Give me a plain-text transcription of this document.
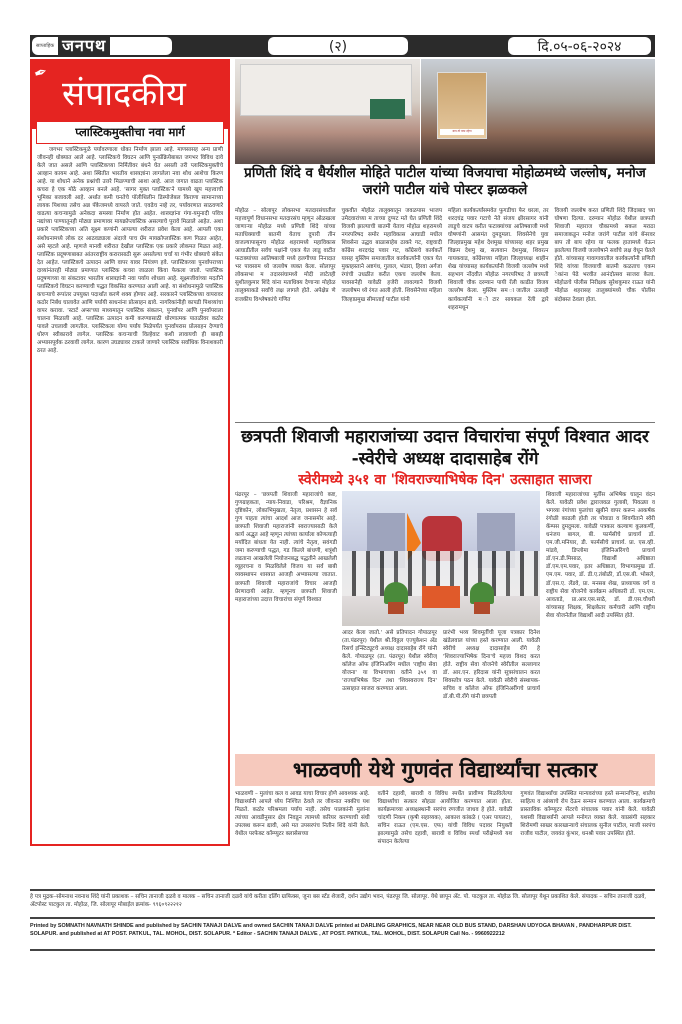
साप्ताहिक जनपथ	(२)	दि.०५-०६-२०२४
✒
संपादकीय
प्लास्टिकमुक्तीचा नवा मार्ग
जगभर प्लास्टिकमुळे पर्यावरणाला धोका निर्माण झाला आहे. माणसासह अन्य प्राणी जीवनही धोक्यात आले आहे. प्लास्टिकचे विघटन आणि पुनर्प्रक्रियेबाबत जगभर विविध दावे केले जात असले आणि प्लास्टिकच्या निर्मितीवर बंधने घेत असली तरी प्लास्टिकमुक्तीचे आव्हान कायम आहे. अशा स्थितीत भारतीय शास्त्रज्ञांना लागलेला नवा शोध आशेचा किरण आहे. या शोधाने अनेक प्रश्नांची उत्तरे मिळण्याची आशा आहे. आज जगात वाढता प्लास्टिक कचरा हे एक मोठे आव्हान बनले आहे. 'सागर मुक्त प्लास्टिक'ने यामध्ये खूप महत्त्वाची भूमिका बजावली आहे. अर्थात कमी घनतेचे पॉलीथिलीन डिस्पोजेबल किराणा सामानाच्या लायक पिशव्या तसेच अन्न पॅकेजमध्ये वापरले जाते. एवढेच नव्हे तर, पर्यावरणात साठवणारे वाढत्या कचऱ्यामुळे अनेकदा समस्या निर्माण होत आहेत. शास्त्रज्ञांना गंगा-यमुनादी पवित्र नद्यांच्या पाण्यातूनही मोठ्या प्रमाणावर मायक्रोप्लास्टिक असल्याचे पुरावे मिळाले आहेत. अशा प्रकारे प्लास्टिकच्या अति सूक्ष्म कणांनी आपल्या शरीरात प्रवेश केला आहे. आपली एका संशोधनामध्ये लोक दर आठवड्याला अंदाजे पाच ग्रॅम मायक्रोप्लास्टिक कण गिळत आहेत, असे म्हटले आहे. म्हणजे मानवी शरीरात देखील प्लास्टिक एक प्रकारे लोकमत मिळत आहे. प्लास्टिक प्रदूषणाबाबत आंतरराष्ट्रीय करारासाठी सुरू असलेल्या चर्चा या गंभीर धोक्याचे संकेत देत आहेत. प्लास्टिकचे उत्पादन आणि वापर यावर नियंत्रण हवे. प्लास्टिकच्या पुनर्वापराच्या दाव्यांनंतरही मोठ्या प्रमाणात प्लास्टिक कचरा जाळला किंवा फेकला जातो. प्लास्टिक प्रदूषणाच्या या संकटावर भारतीय शास्त्रज्ञांनी नवा पर्याय शोधला आहे. सूक्ष्मजीवांच्या मदतीने प्लास्टिकचे विघटन करण्याची पद्धत विकसित करण्यात आली आहे. या संशोधनामुळे प्लास्टिक कचऱ्याचे रूपांतर उपयुक्त पदार्थांत करणे शक्य होणार आहे. सरकारने प्लास्टिकच्या वापरावर कठोर निर्बंध घालावेत आणि पर्यायी साधनांना प्रोत्साहन द्यावे. नागरिकांनीही कापडी पिशव्यांचा वापर करावा. 'स्टार्ट अप्स'च्या माध्यमातून प्लास्टिक संकलन, पुनर्वापर आणि पुनर्वापराला चालना मिळाली आहे. प्लास्टिक उत्पादन कमी करण्यासाठी धोरणात्मक पातळीवर कठोर पावले उचलावी लागतील. प्लास्टिकला योग्य पर्याय मिळेपर्यंत पुनर्वापरास प्रोत्साहन देण्याचे धोरण स्वीकारावे लागेल. प्लास्टिक कचऱ्याची विल्हेवाट कशी लावायची ही बाबही अभ्यासपूर्वक ठरवावी लागेल. कारण उघड्यावर टाकले जाणारे प्लास्टिक सर्वाधिक विनाशकारी ठरत आहे.
बाप तो बाप रहेगा
प्रणिती शिंदे व धैर्यशील मोहिते पाटील यांच्या विजयाचा मोहोळमध्ये जल्लोष, मनोज जरांगे पाटील यांचे पोस्टर झळकले
मोहोळ – सोलापूर लोकसभा मतदारसंघातील महत्त्वपूर्ण विधानसभा मतदारसंघ म्हणून ओळखला जाणाऱ्या मोहोळ मध्ये प्रणिती शिंदे यांच्या मताधिक्याची बातमी येताच दुपारी तीन वाजल्यापासूनच मोहोळ शहरामध्ये महाविकास आघाडीतील सर्वच पक्षांनी एकत्र येत लाडू वाटीत फटाक्यांच्या आतिषबाजी मध्ये हलगीच्या निनादात भर पावसाम ध्ये जल्लोष व्यक्त केला. सोलापूर लोकसभा म तदारसंघामध्ये मोदी लाटेतही सुशीलकुमार शिंदे यांना मताधिक्य देणाऱ्या मोहोळ तालुक्याकडे सर्वांचे लक्ष लागले होते. अपेक्षेप्र णे राजकीय विश्लेषकांचे गणित
चुकवीत मोहोळ तालुक्यातून जवळपास भाजप उमेदवारांच्या म ताच्या दुप्पट मते घेत प्रणिती शिंदे विजयी झाल्याची बातमी येताच मोहोळ शहरामध्ये नगरपरिषद समोर महाविकास आघाडी मधील शिवसेना उद्धव बाळासाहेब ठाकरे गट, राष्ट्रवादी काँग्रेस शरदचंद्र पवार गट, काँग्रेसचे कार्यकर्ते यासह मुस्लिम समाजातील कार्यकर्त्यांनी एकत्र येत मुक्तहस्ताने अष्टगंध, गुलाल, भंडारा, हिरवा अर्गजा रंगांची उधळीत करीत एकच जल्लोष केला. पावसानेही यावेळी हजेरी लावल्याने विजयी जल्लोषम ध्ये रंगत आली होती. शिवसेनेच्या महिला जिल्हाप्रमुख सीमाताई पाटील यांनी
महिला कार्यकर्त्यांसमवेत फुगडीचा फेर धरला, तर शरदचंद्र पवार गटाचे नेते संजय क्षीरसागर यांनी लाडूचे वाटप करीत फटाक्यांच्या आतिषबाजी मध्ये घोषणांनी आसमंत दुमदुमला. शिवसेनेचे युवा जिल्हाप्रमुख महेश देशमुख यांच्यासह शहर प्रमुख विक्रम देशमु ख, सत्यवान देशमुख, शिवरत्न गायकवाड, काँग्रेसच्या महिला जिल्हाध्यक्ष शाहीन शेख यांच्यासह कार्यकर्त्यांनी विजयी जल्लोष मध्ये सहभाग नोंदवीत मोहोळ नगरपरिषद ते छत्रपती शिवाजी चौक दरम्यान पायी रॅली काढीत विजय जल्लोष केला. मुस्लिम सम ाजातील उत्साही कार्यकर्त्यांनी म ोटार सायकल रॅली द्वारे शहरामधून
विजयी जल्लोष करत प्रणिती शिंदे जिंदाबाद च्या घोषणा दिल्या. दरम्यान मोहोळ येथील छत्रपती शिवाजी महाराज चौकामध्ये सकल मराठा समाजाकडून मनोज जरांगे पाटील यांचे बॅनरवर बाप तो बाप रहेगा या फलक हातामध्ये घेऊन झालेल्या विजयी जल्लोषाने सर्वांचे लक्ष वेधून घेतले होते. यांच्यासह गावागावातील कार्यकर्त्यांनी प्रणिती शिंदे यांच्या विजयाची बातमी कळताच एकम ेकांना पेढे भरवीत आनंदोत्सव साजरा केला. मोहोळचे पोलीस निरीक्षक सुरेशकुमार राऊत यांनी मोहोळ शहरासह तालुक्यांमध्ये चौक पोलीस बंदोबस्त ठेवला होता.
छत्रपती शिवाजी महाराजांच्या उदात्त विचारांचा संपूर्ण विश्वात आदर -स्वेरीचे अध्यक्ष दादासाहेब रोंगे
स्वेरीमध्ये ३५१ वा 'शिवराज्याभिषेक दिन' उत्साहात साजरा
पंढरपूर – 'छत्रपती शिवाजी महाराजांचे कष्ट, गुणग्राहकता, न्याय-निवाडा, परिश्रम, वैज्ञानिक दृष्टिकोन, लोकाभिमुखता, नेतृत्व, प्रशासन हे सर्व गुण पाहता त्यांचा आदर्श आज जनासमोर आहे. छत्रपती शिवाजी महाराजांनी स्वराज्यासाठी केले कार्य अद्भुत आहे म्हणून त्यांच्या कार्याला कोणत्याही मर्यादित बांधता येत नाही. त्यांचे नेतृत्व, सवंगडी जमा करण्याची पद्धत, गड किल्ले बांधणी, शत्रूंशी लढताना आखलेली नियोजनबद्ध पद्धतीने आखलेली व्यूहरचना व मिळविलेले विजय या सर्व बाबी व्यवस्थापन शास्त्रात आजही अभ्यासल्या जातात. छत्रपती शिवाजी महाराजांचे विचार आजही प्रेरणादायी आहेत. म्हणूनच छत्रपती शिवाजी महाराजांच्या उदात्त विचारांचा संपूर्ण विश्वात
आदर केला जातो.' असे प्रतिपादन गोपाळपूर (ता.पंढरपूर) येथील श्री.विठ्ठल एज्युकेशन अँड रिसर्च इन्स्टिट्यूटचे अध्यक्ष दादासाहेब रोंगे यांनी केले. गोपाळपूर (ता. पंढरपूर) येथील स्वेरीज् कॉलेज ऑफ इंजिनिअरिंग मधील 'राष्ट्रीय सेवा योजना' या विभागाच्या वतीने ३५१ वा 'राज्याभिषेक दिन' तथा 'शिवस्वराज्य दिन' उत्साहात साजरा करण्यात आला.
प्रारंभी भव्य शिवमूर्तीची पूजा पत्रकार दिनेश खंडेलवाल यांच्या हस्ते करण्यात आली. यावेळी स्वेरीचे अध्यक्ष दादासाहेब रोंगे हे 'शिवराज्याभिषेक दिना'चे महत्त्व विशद करत होते. राष्ट्रीय सेवा योजनेचे स्वेरीतील सल्लागार डॉ. आर.एन. हरिदास यांनी सूत्रसंचालन करत शिवस्तोत्र पठन केले. यावेळी स्वेरीचे संस्थापक- सचिव व कॉलेज ऑफ इंजिनिअरींगचे प्राचार्य डॉ.बी.पी.रोंगे यांनी छत्रपती
शिवाजी महाराजांच्या मूर्तीस अभिषेक घालून वंदन केले. यावेळी प्रवेश द्वाराजवळ गुलाबी, पिवळ्या व भगव्या रंगांच्या फुलांचा खुबीने वापर करून आकर्षक रंगोळी काढली होती तर पोवाडा व शिवगीताने स्वेरी कॅम्पस दुमदुमला. यावेळी पत्रकार कल्याण कुलकर्णी, धनंजय बागल, बी. फार्मसीचे प्राचार्य डॉ. एम.जी.मनियार, डी. फार्मसीचे प्राचार्य. प्रा. एस.व्ही. मांडवे, डिप्लोमा इंजिनिअरिंगचे प्राचार्य डॉ.एन.डी.मिसाळ, विद्यार्थी अधिष्ठाता डॉ.एम.एम.पवार, इतर अधिष्ठाता, विभागप्रमुख डॉ. एम.एम. पवार, डॉ. डी.ए.तंबोळी, डॉ.एस.बी. भोसले, डॉ.एस.ए. लेंडवे, प्रा. मनसब शेख, प्राध्यापक वर्ग व राष्ट्रीय सेवा योजनेचे कार्यक्रम अधिकारी डॉ. एम.एम. आवताडे, प्रा.आर.एस.साठे, डॉ. डी.एस.चौधरी यांच्यासह शिक्षक, शिक्षकेतर कर्मचारी आणि राष्ट्रीय सेवा योजनेतील विद्यार्थी आदी उपस्थित होते.
भाळवणी येथे गुणवंत विद्यार्थ्यांचा सत्कार
भाळवणी – मुलांचा कल व आवड याचा विचार होणे आवश्यक आहे. विद्यार्थ्यांनी आपले ध्येय निश्चित ठेवले तर जीवनात नक्कीच यश मिळते. कठोर परिश्रमला पर्याय नाही. तसेच पालकांनी मुलांना त्यांच्या आवडीनुसार क्षेत्र निवडून त्यामध्ये करियर करण्याची संधी उपलब्ध करून द्यावी, असे मत उपसरपंच नितीन शिंदे यांनी केले. येथील परफेक्ट कॉम्प्युटर क्लासेसच्या
वतीने दहावी, बारावी व विविध स्पर्धेत प्रावीण्य मिळविलेल्या विद्यार्थ्यांचा सत्कार सोहळा आयोजित करण्यात आला होता. कार्यक्रमाच्या अध्यक्षस्थानी सरपंच रणजीत जाधव हे होते. यावेळी चांदणी निकम (कृषी सहाय्यक), आकाश कांबळे ( एअर पायलट), सचिन राऊत (एम.एस. एफ) यांची विविध पदावर नियुक्ती झाल्यामुळे तसेच दहावी, बारावी व विविध स्पर्धा परीक्षेमध्ये यश संपादन केलेल्या
गुणवंत विद्यार्थ्यांचा उपस्थित मान्यवरांच्या हस्ते सन्मानचिन्ह, शालेय साहित्य व आंब्याचे रोप देऊन सन्मान करण्यात आला. कार्यक्रमाचे प्रास्ताविक कॉम्प्युटर सेंटरचे संचालक पवार यांनी केले. यावेळी यशस्वी विद्यार्थ्यांनी आपले मनोगत व्यक्त केले. याप्रसंगी सहकार शिरोमणी साखर कारखान्याचे संचालक सुनील पाटील, माजी सरपंच राजीव पाटील, जयवंत कुंभार, धनश्री पवार उपस्थित होते.
हे पत्र मुद्रक–सोमनाथ नवनाथ शिंदे यांनी प्रकाशक – सचिन तानाजी दळवे व मालक – सचिन तानाजी दळवे यांचे करीता दर्लिंग ग्राफिक्स, जुना बस स्टँड शेजारी, दर्शन उद्योग भवन, पंढरपूर जि. सोलापूर. येथे छापून अँट. पो. पाटकुल ता. मोहोळ जि. सोलापूर येथून प्रकाशित केले. संपादक – सचिन तानाजी दळवे, अँटपोस्ट पाटकुल ता. मोहोळ, जि. सोलापूर मोबाईल क्रमांक- ९९६०९२२२१२
Printed by SOMNATH NAVNATH SHINDE and published by SACHIN TANAJI DALVE and owned SACHIN TANAJI DALVE printed at DARLING GRAPHICS, NEAR NEAR OLD BUS STAND, DARSHAN UDYOGA BHAVAN , PANDHARPUR DIST. SOLAPUR. and published at AT POST. PATKUL, TAL. MOHOL, DIST. SOLAPUR. * Editor - SACHIN TANAJI DALVE , AT POST. PATKUL, TAL. MOHOL, DIST. SOLAPUR Call No. - 9960922212
